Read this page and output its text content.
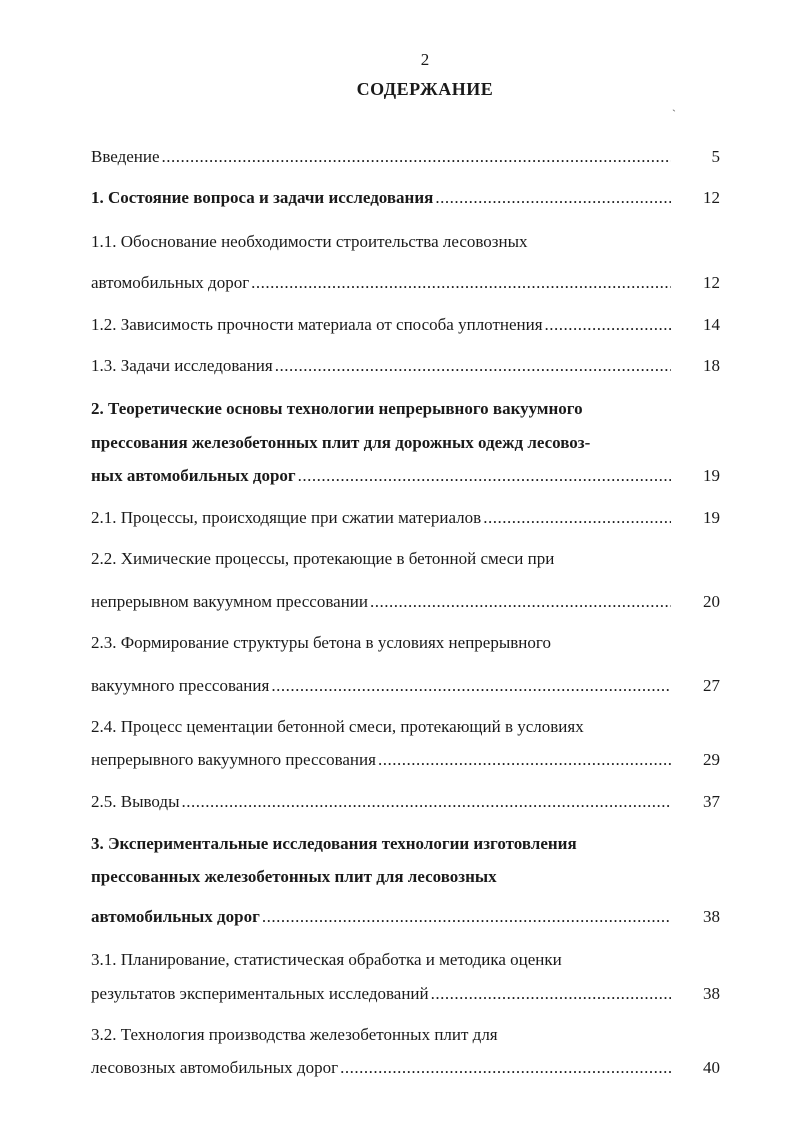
2
СОДЕРЖАНИЕ
Введение .....	5
1. Состояние вопроса и задачи исследования .....	12
1.1. Обоснование необходимости строительства лесовозных
автомобильных дорог .....	12
1.2. Зависимость прочности материала от способа уплотнения .....	14
1.3. Задачи исследования .....	18
2. Теоретические основы технологии непрерывного вакуумного
прессования железобетонных плит для дорожных одежд лесовоз-
ных автомобильных дорог .....	19
2.1. Процессы, происходящие при сжатии материалов .....	19
2.2. Химические процессы, протекающие в бетонной смеси при
непрерывном вакуумном прессовании .....	20
2.3. Формирование структуры бетона в условиях непрерывного
вакуумного прессования .....	27
2.4. Процесс цементации бетонной смеси, протекающий в условиях
непрерывного вакуумного прессования .....	29
2.5. Выводы .....	37
3. Экспериментальные исследования технологии изготовления
прессованных железобетонных плит для лесовозных
автомобильных дорог .....	38
3.1. Планирование, статистическая обработка и методика оценки
результатов экспериментальных исследований .....	38
3.2. Технология производства железобетонных плит для
лесовозных автомобильных дорог .....	40
ˏ
